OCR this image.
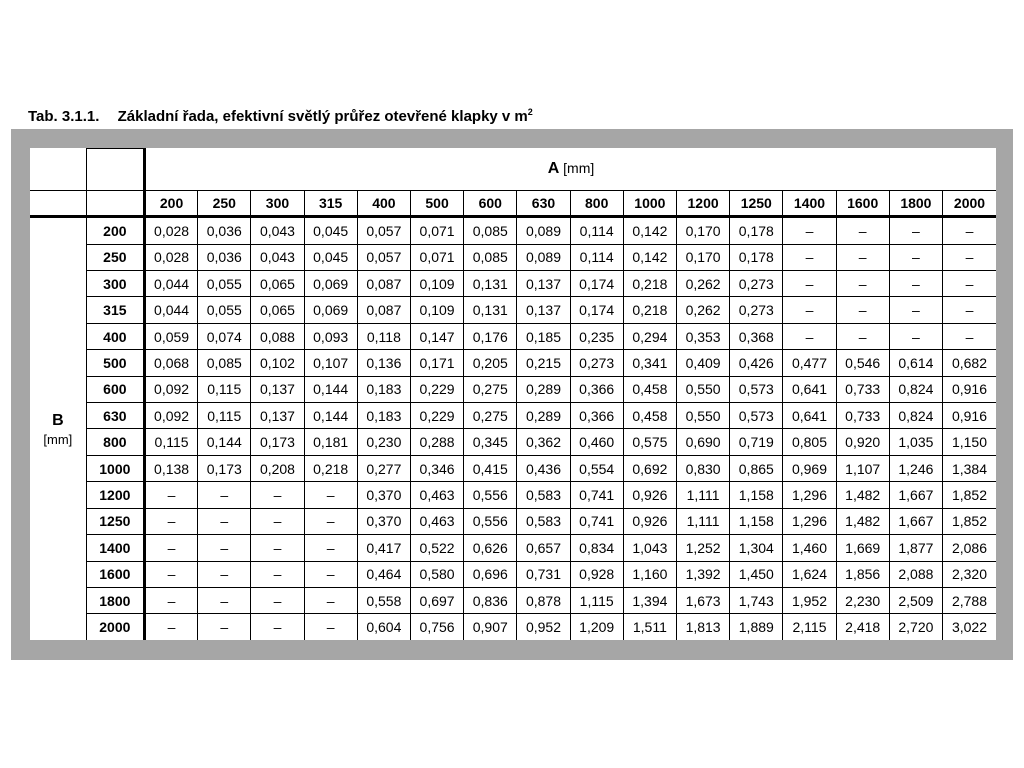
Tab. 3.1.1. Základní řada, efektivní světlý průřez otevřené klapky v $m^2$
		A [mm]															
		200	250	300	315	400	500	600	630	800	1000	1200	1250	1400	1600	1800	2000

B
[mm]	200	0,028	0,036	0,043	0,045	0,057	0,071	0,085	0,089	0,114	0,142	0,170	0,178	–	–	–	–
	250	0,028	0,036	0,043	0,045	0,057	0,071	0,085	0,089	0,114	0,142	0,170	0,178	–	–	–	–
	300	0,044	0,055	0,065	0,069	0,087	0,109	0,131	0,137	0,174	0,218	0,262	0,273	–	–	–	–
	315	0,044	0,055	0,065	0,069	0,087	0,109	0,131	0,137	0,174	0,218	0,262	0,273	–	–	–	–
	400	0,059	0,074	0,088	0,093	0,118	0,147	0,176	0,185	0,235	0,294	0,353	0,368	–	–	–	–
	500	0,068	0,085	0,102	0,107	0,136	0,171	0,205	0,215	0,273	0,341	0,409	0,426	0,477	0,546	0,614	0,682
	600	0,092	0,115	0,137	0,144	0,183	0,229	0,275	0,289	0,366	0,458	0,550	0,573	0,641	0,733	0,824	0,916
	630	0,092	0,115	0,137	0,144	0,183	0,229	0,275	0,289	0,366	0,458	0,550	0,573	0,641	0,733	0,824	0,916
	800	0,115	0,144	0,173	0,181	0,230	0,288	0,345	0,362	0,460	0,575	0,690	0,719	0,805	0,920	1,035	1,150
	1000	0,138	0,173	0,208	0,218	0,277	0,346	0,415	0,436	0,554	0,692	0,830	0,865	0,969	1,107	1,246	1,384
	1200	–	–	–	–	0,370	0,463	0,556	0,583	0,741	0,926	1,111	1,158	1,296	1,482	1,667	1,852
	1250	–	–	–	–	0,370	0,463	0,556	0,583	0,741	0,926	1,111	1,158	1,296	1,482	1,667	1,852
	1400	–	–	–	–	0,417	0,522	0,626	0,657	0,834	1,043	1,252	1,304	1,460	1,669	1,877	2,086
	1600	–	–	–	–	0,464	0,580	0,696	0,731	0,928	1,160	1,392	1,450	1,624	1,856	2,088	2,320
	1800	–	–	–	–	0,558	0,697	0,836	0,878	1,115	1,394	1,673	1,743	1,952	2,230	2,509	2,788
	2000	–	–	–	–	0,604	0,756	0,907	0,952	1,209	1,511	1,813	1,889	2,115	2,418	2,720	3,022
